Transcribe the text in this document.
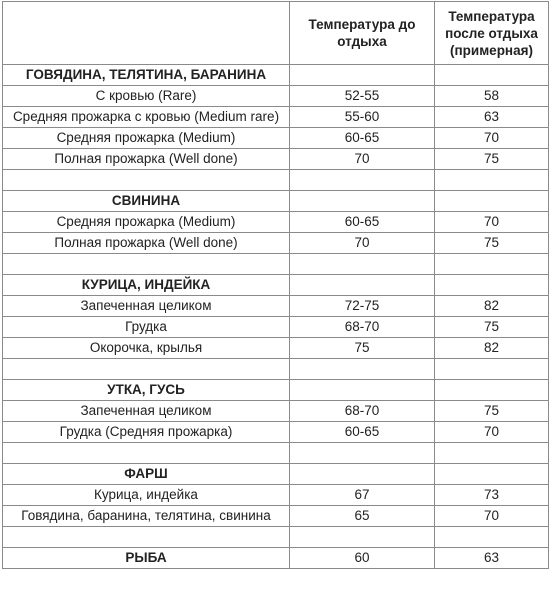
	Температура до отдыха	Температура после отдыха (примерная)
ГОВЯДИНА, ТЕЛЯТИНА, БАРАНИНА		
С кровью (Rare)	52-55	58
Средняя прожарка с кровью (Medium rare)	55-60	63
Средняя прожарка (Medium)	60-65	70
Полная прожарка (Well done)	70	75

СВИНИНА		
Средняя прожарка (Medium)	60-65	70
Полная прожарка (Well done)	70	75

КУРИЦА, ИНДЕЙКА		
Запеченная целиком	72-75	82
Грудка	68-70	75
Окорочка, крылья	75	82

УТКА, ГУСЬ		
Запеченная целиком	68-70	75
Грудка (Средняя прожарка)	60-65	70

ФАРШ		
Курица, индейка	67	73
Говядина, баранина, телятина, свинина	65	70

РЫБА	60	63
